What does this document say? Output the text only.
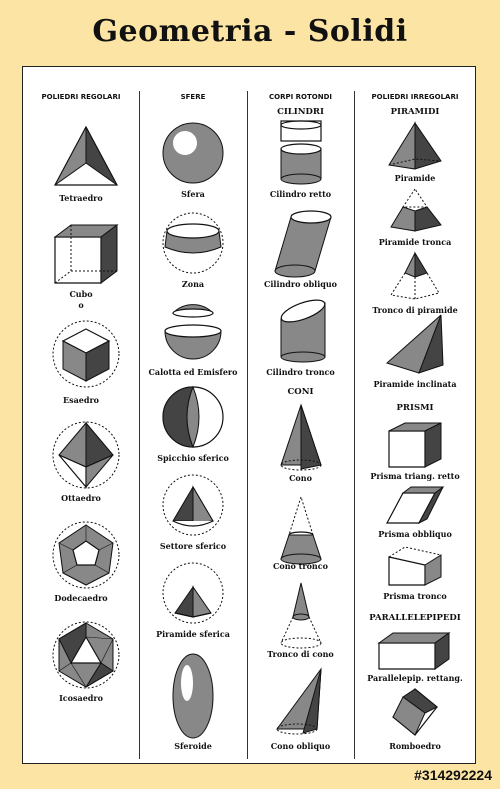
Geometria - Solidi
POLIEDRI REGOLARI	SFERE	CORPI ROTONDI	POLIEDRI IRREGOLARI
CILINDRI
CONI
PIRAMIDI
PRISMI
PARALLELEPIPEDI
Tetraedro
Cubo
o
Esaedro
Ottaedro
Dodecaedro
Icosaedro
Sfera
Zona
Calotta ed Emisfero
Spicchio sferico
Settore sferico
Piramide sferica
Sferoide
Cilindro retto
Cilindro obliquo
Cilindro tronco
Cono
Cono tronco
Tronco di cono
Cono obliquo
Piramide
Piramide tronca
Tronco di piramide
Piramide inclinata
Prisma triang. retto
Prisma obbliquo
Prisma tronco
Parallelepip. rettang.
Romboedro
#314292224
